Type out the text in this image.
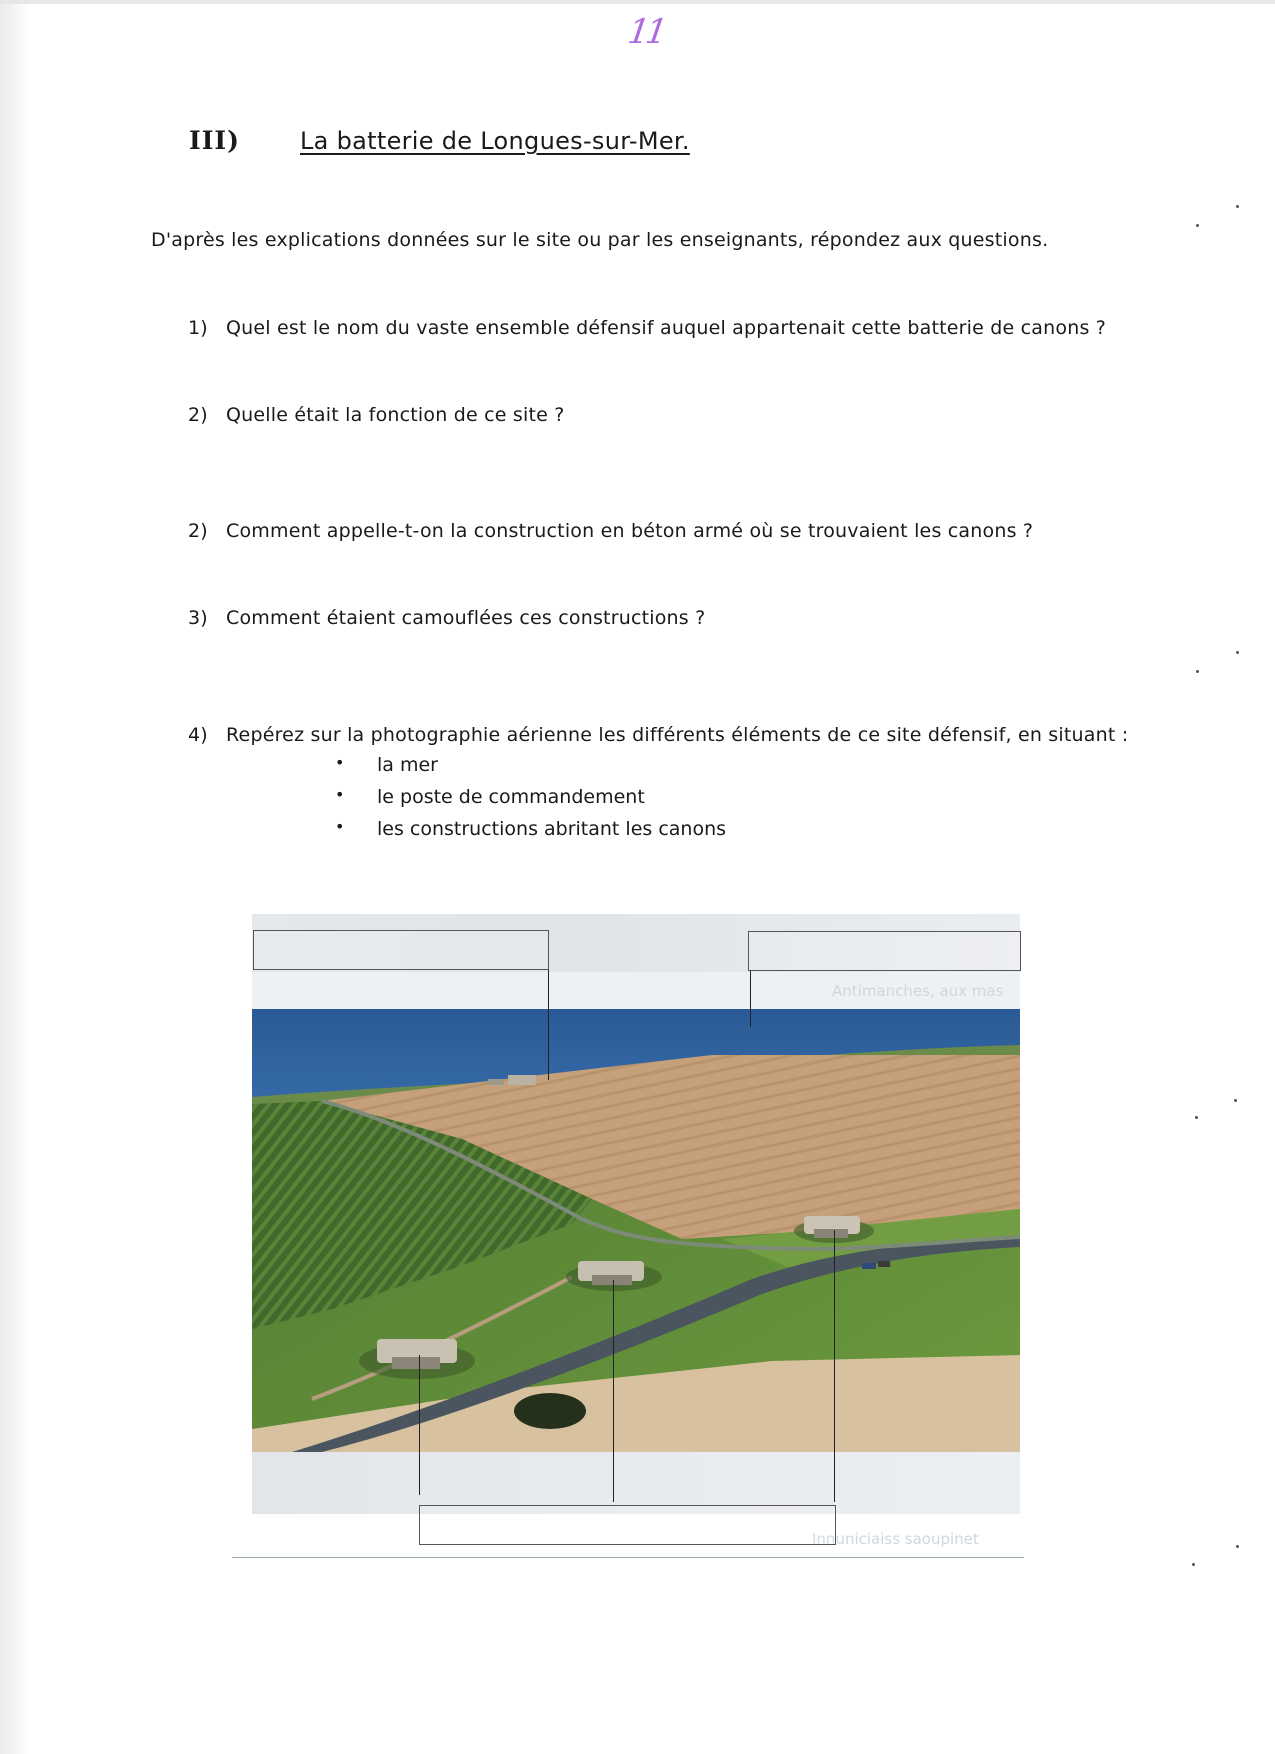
11
III)	La batterie de Longues-sur-Mer.
D'après les explications données sur le site ou par les enseignants, répondez aux questions.
1) Quel est le nom du vaste ensemble défensif auquel appartenait cette batterie de canons ?
2) Quelle était la fonction de ce site ?
2) Comment appelle-t-on la construction en béton armé où se trouvaient les canons ?
3) Comment étaient camouflées ces constructions ?
4) Repérez sur la photographie aérienne les différents éléments de ce site défensif, en situant :
• la mer
• le poste de commandement
• les constructions abritant les canons
Antimanches, aux mas
Innuniciaiss saoupinet
